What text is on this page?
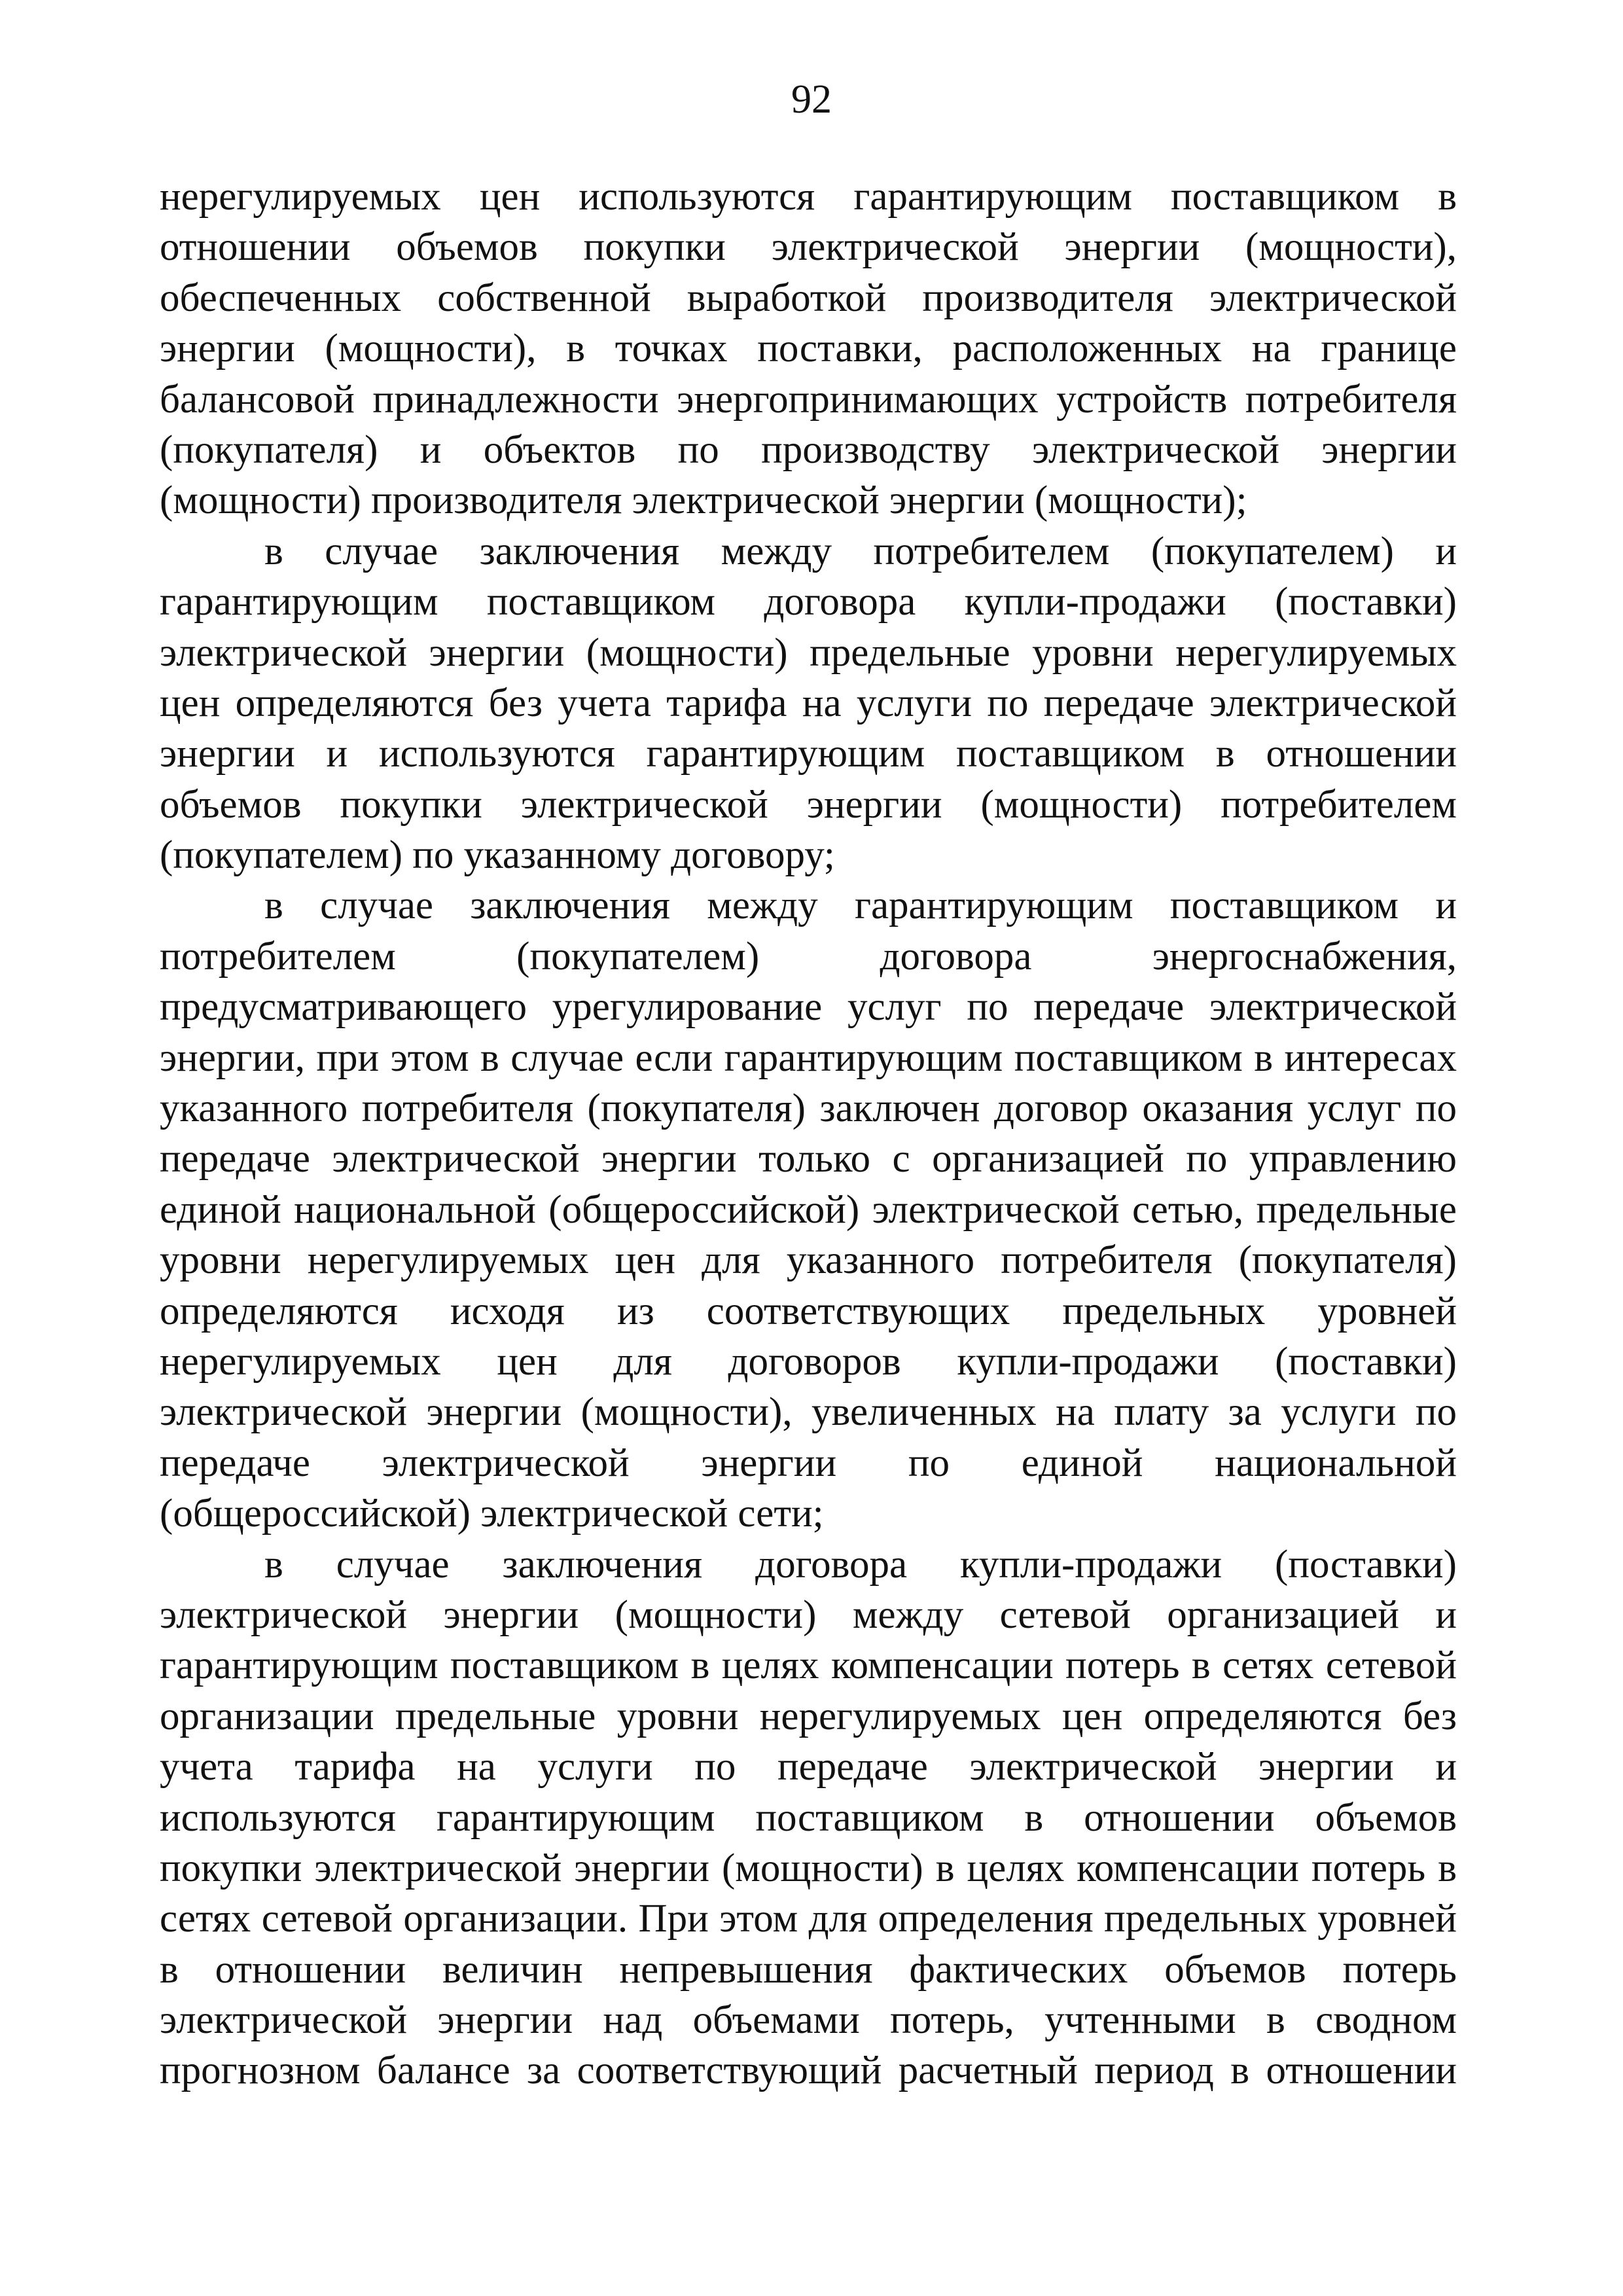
92
нерегулируемых цен используются гарантирующим поставщиком в
отношении объемов покупки электрической энергии (мощности),
обеспеченных собственной выработкой производителя электрической
энергии (мощности), в точках поставки, расположенных на границе
балансовой принадлежности энергопринимающих устройств потребителя
(покупателя) и объектов по производству электрической энергии
(мощности) производителя электрической энергии (мощности);
в случае заключения между потребителем (покупателем) и
гарантирующим поставщиком договора купли-продажи (поставки)
электрической энергии (мощности) предельные уровни нерегулируемых
цен определяются без учета тарифа на услуги по передаче электрической
энергии и используются гарантирующим поставщиком в отношении
объемов покупки электрической энергии (мощности) потребителем
(покупателем) по указанному договору;
в случае заключения между гарантирующим поставщиком и
потребителем (покупателем) договора энергоснабжения,
предусматривающего урегулирование услуг по передаче электрической
энергии, при этом в случае если гарантирующим поставщиком в интересах
указанного потребителя (покупателя) заключен договор оказания услуг по
передаче электрической энергии только с организацией по управлению
единой национальной (общероссийской) электрической сетью, предельные
уровни нерегулируемых цен для указанного потребителя (покупателя)
определяются исходя из соответствующих предельных уровней
нерегулируемых цен для договоров купли-продажи (поставки)
электрической энергии (мощности), увеличенных на плату за услуги по
передаче электрической энергии по единой национальной
(общероссийской) электрической сети;
в случае заключения договора купли-продажи (поставки)
электрической энергии (мощности) между сетевой организацией и
гарантирующим поставщиком в целях компенсации потерь в сетях сетевой
организации предельные уровни нерегулируемых цен определяются без
учета тарифа на услуги по передаче электрической энергии и
используются гарантирующим поставщиком в отношении объемов
покупки электрической энергии (мощности) в целях компенсации потерь в
сетях сетевой организации. При этом для определения предельных уровней
в отношении величин непревышения фактических объемов потерь
электрической энергии над объемами потерь, учтенными в сводном
прогнозном балансе за соответствующий расчетный период в отношении
